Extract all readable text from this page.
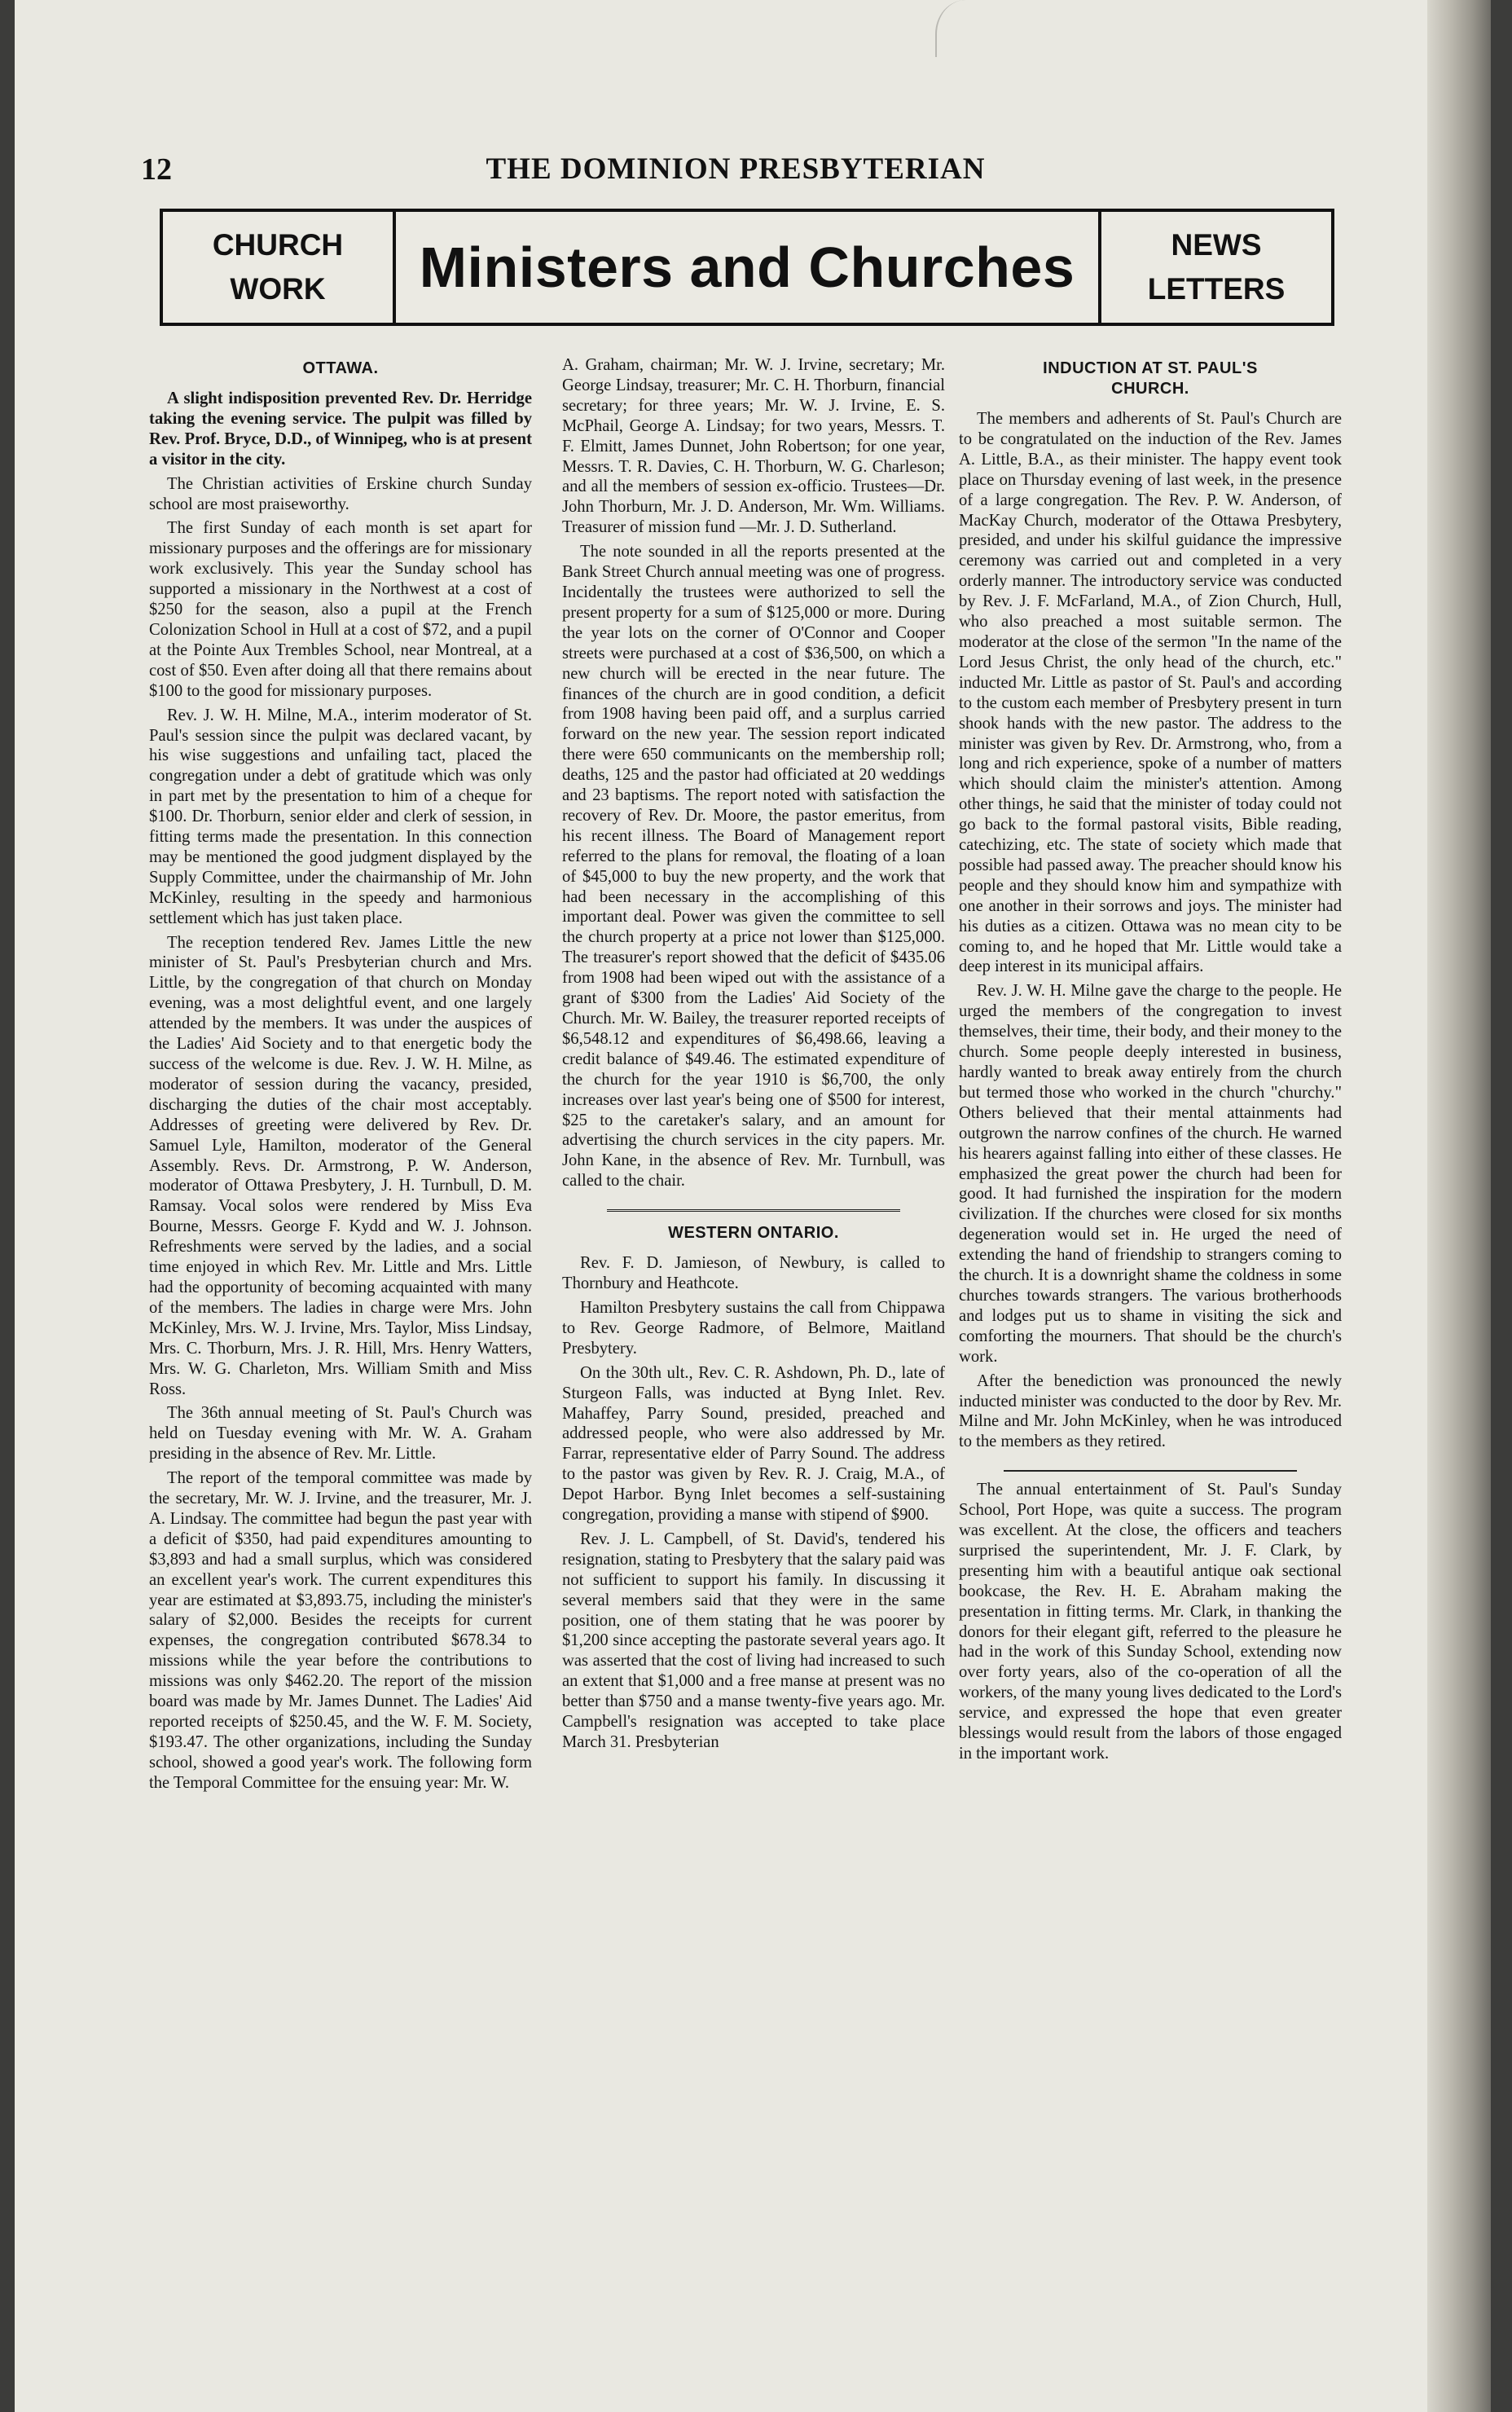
12	THE DOMINION PRESBYTERIAN
CHURCH
WORK	Ministers and Churches	NEWS
LETTERS
OTTAWA.

A slight indisposition prevented Rev. Dr. Herridge taking the evening service. The pulpit was filled by Rev. Prof. Bryce, D.D., of Winnipeg, who is at present a visitor in the city.

The Christian activities of Erskine church Sunday school are most praiseworthy.

The first Sunday of each month is set apart for missionary purposes and the offerings are for missionary work exclusively. This year the Sunday school has supported a missionary in the Northwest at a cost of $250 for the season, also a pupil at the French Colonization School in Hull at a cost of $72, and a pupil at the Pointe Aux Trembles School, near Montreal, at a cost of $50. Even after doing all that there remains about $100 to the good for missionary purposes.

Rev. J. W. H. Milne, M.A., interim moderator of St. Paul's session since the pulpit was declared vacant, by his wise suggestions and unfailing tact, placed the congregation under a debt of gratitude which was only in part met by the presentation to him of a cheque for $100. Dr. Thorburn, senior elder and clerk of session, in fitting terms made the presentation. In this connection may be mentioned the good judgment displayed by the Supply Committee, under the chairmanship of Mr. John McKinley, resulting in the speedy and harmonious settlement which has just taken place.

The reception tendered Rev. James Little the new minister of St. Paul's Presbyterian church and Mrs. Little, by the congregation of that church on Monday evening, was a most delightful event, and one largely attended by the members. It was under the auspices of the Ladies' Aid Society and to that energetic body the success of the welcome is due. Rev. J. W. H. Milne, as moderator of session during the vacancy, presided, discharging the duties of the chair most acceptably. Addresses of greeting were delivered by Rev. Dr. Samuel Lyle, Hamilton, moderator of the General Assembly. Revs. Dr. Armstrong, P. W. Anderson, moderator of Ottawa Presbytery, J. H. Turnbull, D. M. Ramsay. Vocal solos were rendered by Miss Eva Bourne, Messrs. George F. Kydd and W. J. Johnson. Refreshments were served by the ladies, and a social time enjoyed in which Rev. Mr. Little and Mrs. Little had the opportunity of becoming acquainted with many of the members. The ladies in charge were Mrs. John McKinley, Mrs. W. J. Irvine, Mrs. Taylor, Miss Lindsay, Mrs. C. Thorburn, Mrs. J. R. Hill, Mrs. Henry Watters, Mrs. W. G. Charleton, Mrs. William Smith and Miss Ross.

The 36th annual meeting of St. Paul's Church was held on Tuesday evening with Mr. W. A. Graham presiding in the absence of Rev. Mr. Little.

The report of the temporal committee was made by the secretary, Mr. W. J. Irvine, and the treasurer, Mr. J. A. Lindsay. The committee had begun the past year with a deficit of $350, had paid expenditures amounting to $3,893 and had a small surplus, which was considered an excellent year's work. The current expenditures this year are estimated at $3,893.75, including the minister's salary of $2,000. Besides the receipts for current expenses, the congregation contributed $678.34 to missions while the year before the contributions to missions was only $462.20. The report of the mission board was made by Mr. James Dunnet. The Ladies' Aid reported receipts of $250.45, and the W. F. M. Society, $193.47. The other organizations, including the Sunday school, showed a good year's work. The following form the Temporal Committee for the ensuing year: Mr. W.

A. Graham, chairman; Mr. W. J. Irvine, secretary; Mr. George Lindsay, treasurer; Mr. C. H. Thorburn, financial secretary; for three years; Mr. W. J. Irvine, E. S. McPhail, George A. Lindsay; for two years, Messrs. T. F. Elmitt, James Dunnet, John Robertson; for one year, Messrs. T. R. Davies, C. H. Thorburn, W. G. Charleson; and all the members of session ex-officio. Trustees—Dr. John Thorburn, Mr. J. D. Anderson, Mr. Wm. Williams. Treasurer of mission fund —Mr. J. D. Sutherland.

The note sounded in all the reports presented at the Bank Street Church annual meeting was one of progress. Incidentally the trustees were authorized to sell the present property for a sum of $125,000 or more. During the year lots on the corner of O'Connor and Cooper streets were purchased at a cost of $36,500, on which a new church will be erected in the near future. The finances of the church are in good condition, a deficit from 1908 having been paid off, and a surplus carried forward on the new year. The session report indicated there were 650 communicants on the membership roll; deaths, 125 and the pastor had officiated at 20 weddings and 23 baptisms. The report noted with satisfaction the recovery of Rev. Dr. Moore, the pastor emeritus, from his recent illness. The Board of Management report referred to the plans for removal, the floating of a loan of $45,000 to buy the new property, and the work that had been necessary in the accomplishing of this important deal. Power was given the committee to sell the church property at a price not lower than $125,000. The treasurer's report showed that the deficit of $435.06 from 1908 had been wiped out with the assistance of a grant of $300 from the Ladies' Aid Society of the Church. Mr. W. Bailey, the treasurer reported receipts of $6,548.12 and expenditures of $6,498.66, leaving a credit balance of $49.46. The estimated expenditure of the church for the year 1910 is $6,700, the only increases over last year's being one of $500 for interest, $25 to the caretaker's salary, and an amount for advertising the church services in the city papers. Mr. John Kane, in the absence of Rev. Mr. Turnbull, was called to the chair.

WESTERN ONTARIO.

Rev. F. D. Jamieson, of Newbury, is called to Thornbury and Heathcote.

Hamilton Presbytery sustains the call from Chippawa to Rev. George Radmore, of Belmore, Maitland Presbytery.

On the 30th ult., Rev. C. R. Ashdown, Ph. D., late of Sturgeon Falls, was inducted at Byng Inlet. Rev. Mahaffey, Parry Sound, presided, preached and addressed people, who were also addressed by Mr. Farrar, representative elder of Parry Sound. The address to the pastor was given by Rev. R. J. Craig, M.A., of Depot Harbor. Byng Inlet becomes a self-sustaining congregation, providing a manse with stipend of $900.

Rev. J. L. Campbell, of St. David's, tendered his resignation, stating to Presbytery that the salary paid was not sufficient to support his family. In discussing it several members said that they were in the same position, one of them stating that he was poorer by $1,200 since accepting the pastorate several years ago. It was asserted that the cost of living had increased to such an extent that $1,000 and a free manse at present was no better than $750 and a manse twenty-five years ago. Mr. Campbell's resignation was accepted to take place March 31. Presbyterian

INDUCTION AT ST. PAUL'S
CHURCH.

The members and adherents of St. Paul's Church are to be congratulated on the induction of the Rev. James A. Little, B.A., as their minister. The happy event took place on Thursday evening of last week, in the presence of a large congregation. The Rev. P. W. Anderson, of MacKay Church, moderator of the Ottawa Presbytery, presided, and under his skilful guidance the impressive ceremony was carried out and completed in a very orderly manner. The introductory service was conducted by Rev. J. F. McFarland, M.A., of Zion Church, Hull, who also preached a most suitable sermon. The moderator at the close of the sermon "In the name of the Lord Jesus Christ, the only head of the church, etc." inducted Mr. Little as pastor of St. Paul's and according to the custom each member of Presbytery present in turn shook hands with the new pastor. The address to the minister was given by Rev. Dr. Armstrong, who, from a long and rich experience, spoke of a number of matters which should claim the minister's attention. Among other things, he said that the minister of today could not go back to the formal pastoral visits, Bible reading, catechizing, etc. The state of society which made that possible had passed away. The preacher should know his people and they should know him and sympathize with one another in their sorrows and joys. The minister had his duties as a citizen. Ottawa was no mean city to be coming to, and he hoped that Mr. Little would take a deep interest in its municipal affairs.

Rev. J. W. H. Milne gave the charge to the people. He urged the members of the congregation to invest themselves, their time, their body, and their money to the church. Some people deeply interested in business, hardly wanted to break away entirely from the church but termed those who worked in the church "churchy." Others believed that their mental attainments had outgrown the narrow confines of the church. He warned his hearers against falling into either of these classes. He emphasized the great power the church had been for good. It had furnished the inspiration for the modern civilization. If the churches were closed for six months degeneration would set in. He urged the need of extending the hand of friendship to strangers coming to the church. It is a downright shame the coldness in some churches towards strangers. The various brotherhoods and lodges put us to shame in visiting the sick and comforting the mourners. That should be the church's work.

After the benediction was pronounced the newly inducted minister was conducted to the door by Rev. Mr. Milne and Mr. John McKinley, when he was introduced to the members as they retired.

The annual entertainment of St. Paul's Sunday School, Port Hope, was quite a success. The program was excellent. At the close, the officers and teachers surprised the superintendent, Mr. J. F. Clark, by presenting him with a beautiful antique oak sectional bookcase, the Rev. H. E. Abraham making the presentation in fitting terms. Mr. Clark, in thanking the donors for their elegant gift, referred to the pleasure he had in the work of this Sunday School, extending now over forty years, also of the co-operation of all the workers, of the many young lives dedicated to the Lord's service, and expressed the hope that even greater blessings would result from the labors of those engaged in the important work.
